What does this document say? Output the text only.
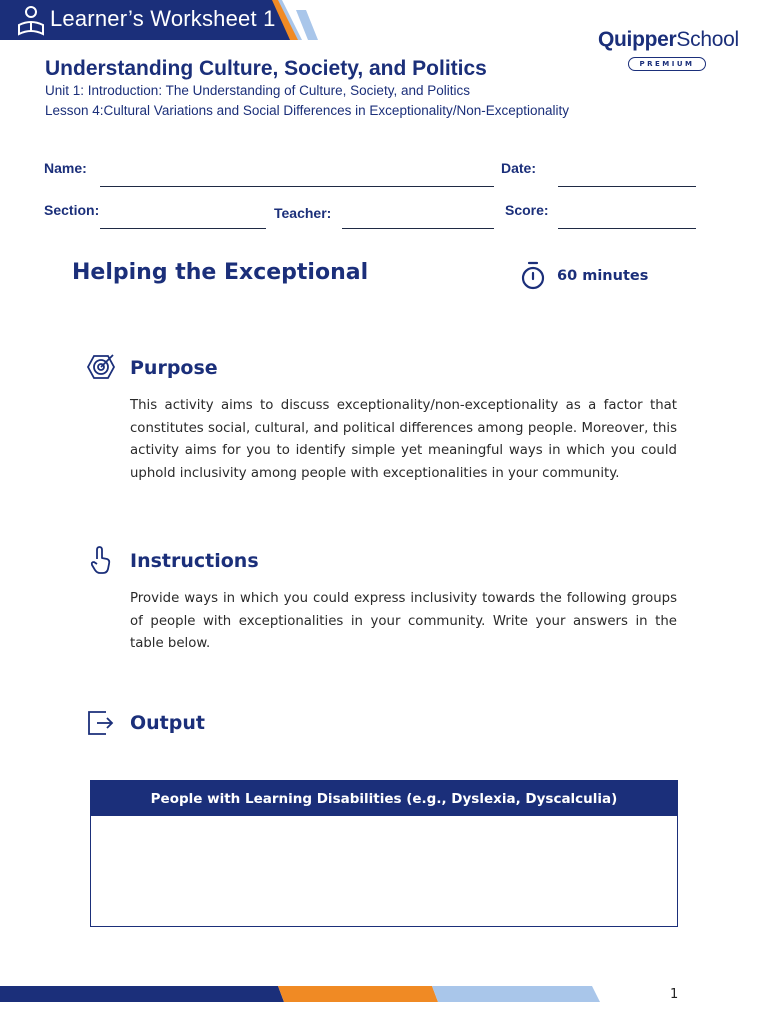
Learner’s Worksheet 1
QuipperSchool
PREMIUM
Understanding Culture, Society, and Politics
Unit 1: Introduction: The Understanding of Culture, Society, and Politics
Lesson 4:Cultural Variations and Social Differences in Exceptionality/Non-Exceptionality
Name:	Date:
Section:	Teacher:	Score:
Helping the Exceptional	60 minutes
Purpose

This activity aims to discuss exceptionality/non-exceptionality as a factor that constitutes social, cultural, and political differences among people. Moreover, this activity aims for you to identify simple yet meaningful ways in which you could uphold inclusivity among people with exceptionalities in your community.

Instructions

Provide ways in which you could express inclusivity towards the following groups of people with exceptionalities in your community. Write your answers in the table below.

Output
People with Learning Disabilities (e.g., Dyslexia, Dyscalculia)
1
